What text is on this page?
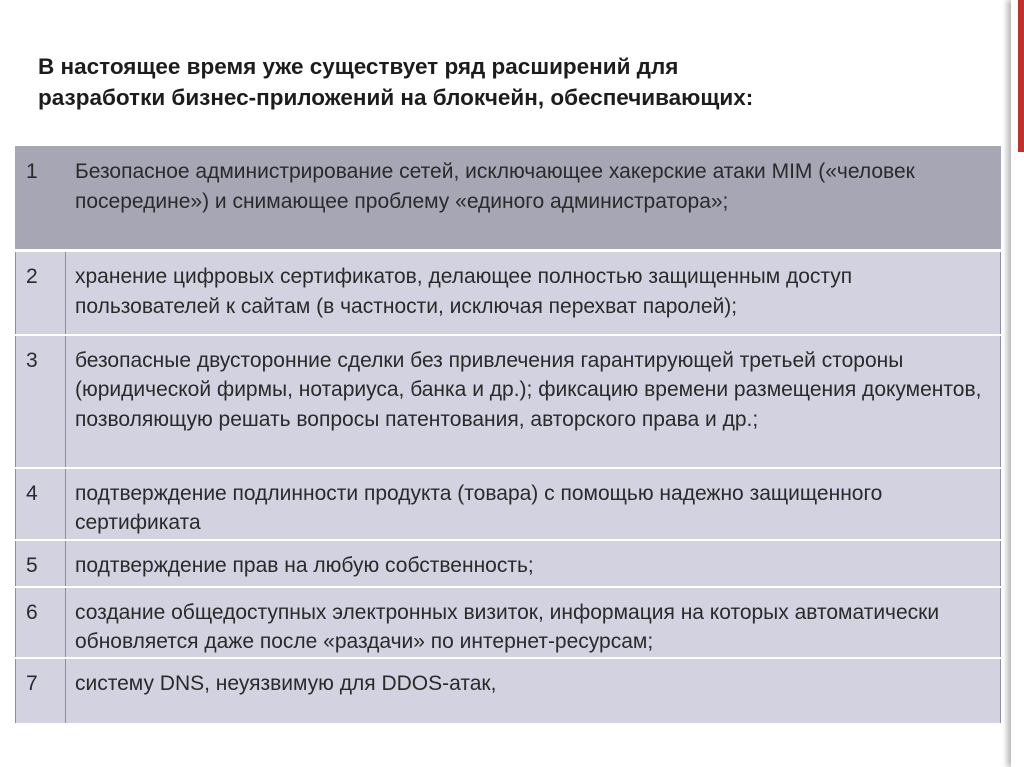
В настоящее время уже существует ряд расширений для
разработки бизнес-приложений на блокчейн, обеспечивающих:
1	Безопасное администрирование сетей, исключающее хакерские атаки MIM («человек посередине») и снимающее проблему «единого администратора»;
2	хранение цифровых сертификатов, делающее полностью защищенным доступ пользователей к сайтам (в частности, исключая перехват паролей);
3	безопасные двусторонние сделки без привлечения гарантирующей третьей стороны (юридической фирмы, нотариуса, банка и др.); фиксацию времени размещения документов, позволяющую решать вопросы патентования, авторского права и др.;
4	подтверждение подлинности продукта (товара) с помощью надежно защищенного сертификата
5	подтверждение прав на любую собственность;
6	создание общедоступных электронных визиток, информация на которых автоматически обновляется даже после «раздачи» по интернет-ресурсам;
7	систему DNS, неуязвимую для DDOS-атак,
